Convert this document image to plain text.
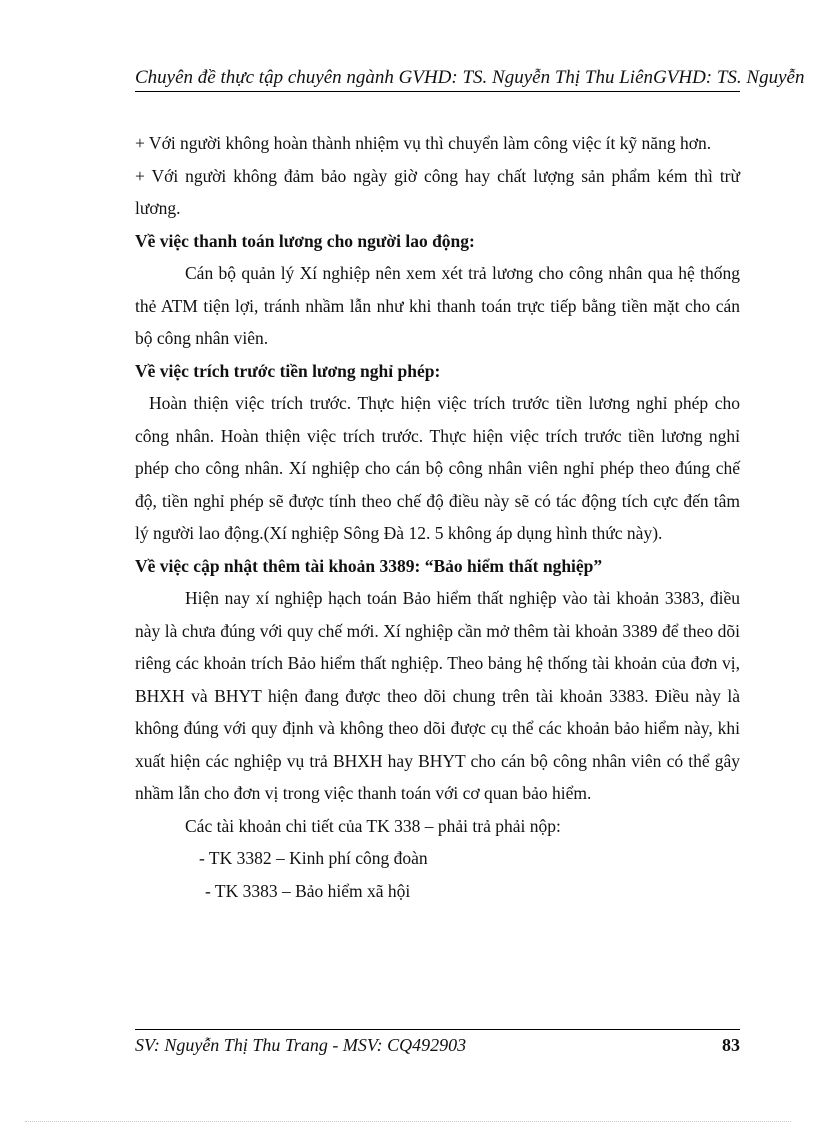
Chuyên đề thực tập chuyên ngành GVHD: TS. Nguyễn Thị Thu LiênGVHD: TS. Nguyễn

+ Với người không hoàn thành nhiệm vụ thì chuyển làm công việc ít kỹ năng hơn.

+ Với người không đảm bảo ngày giờ công hay chất lượng sản phẩm kém thì trừ lương.

Về việc thanh toán lương cho người lao động:

Cán bộ quản lý Xí nghiệp nên xem xét trả lương cho công nhân qua hệ thống thẻ ATM tiện lợi, tránh nhầm lẫn như khi thanh toán trực tiếp bằng tiền mặt cho cán bộ công nhân viên.

Về việc trích trước tiền lương nghỉ phép:

Hoàn thiện việc trích trước. Thực hiện việc trích trước tiền lương nghỉ phép cho công nhân. Hoàn thiện việc trích trước. Thực hiện việc trích trước tiền lương nghỉ phép cho công nhân. Xí nghiệp cho cán bộ công nhân viên nghỉ phép theo đúng chế độ, tiền nghỉ phép sẽ được tính theo chế độ điều này sẽ có tác động tích cực đến tâm lý người lao động.(Xí nghiệp Sông Đà 12. 5 không áp dụng hình thức này).

Về việc cập nhật thêm tài khoản 3389: “Bảo hiểm thất nghiệp”

Hiện nay xí nghiệp hạch toán Bảo hiểm thất nghiệp vào tài khoản 3383, điều này là chưa đúng với quy chế mới. Xí nghiệp cần mở thêm tài khoản 3389 để theo dõi riêng các khoản trích Bảo hiểm thất nghiệp. Theo bảng hệ thống tài khoản của đơn vị, BHXH và BHYT hiện đang được theo dõi chung trên tài khoản 3383. Điều này là không đúng với quy định và không theo dõi được cụ thể các khoản bảo hiểm này, khi xuất hiện các nghiệp vụ trả BHXH hay BHYT cho cán bộ công nhân viên có thể gây nhầm lẫn cho đơn vị trong việc thanh toán với cơ quan bảo hiểm.

Các tài khoản chi tiết của TK 338 – phải trả phải nộp:

- TK 3382 – Kinh phí công đoàn

- TK 3383 – Bảo hiểm xã hội

SV: Nguyễn Thị Thu Trang - MSV: CQ492903	83
